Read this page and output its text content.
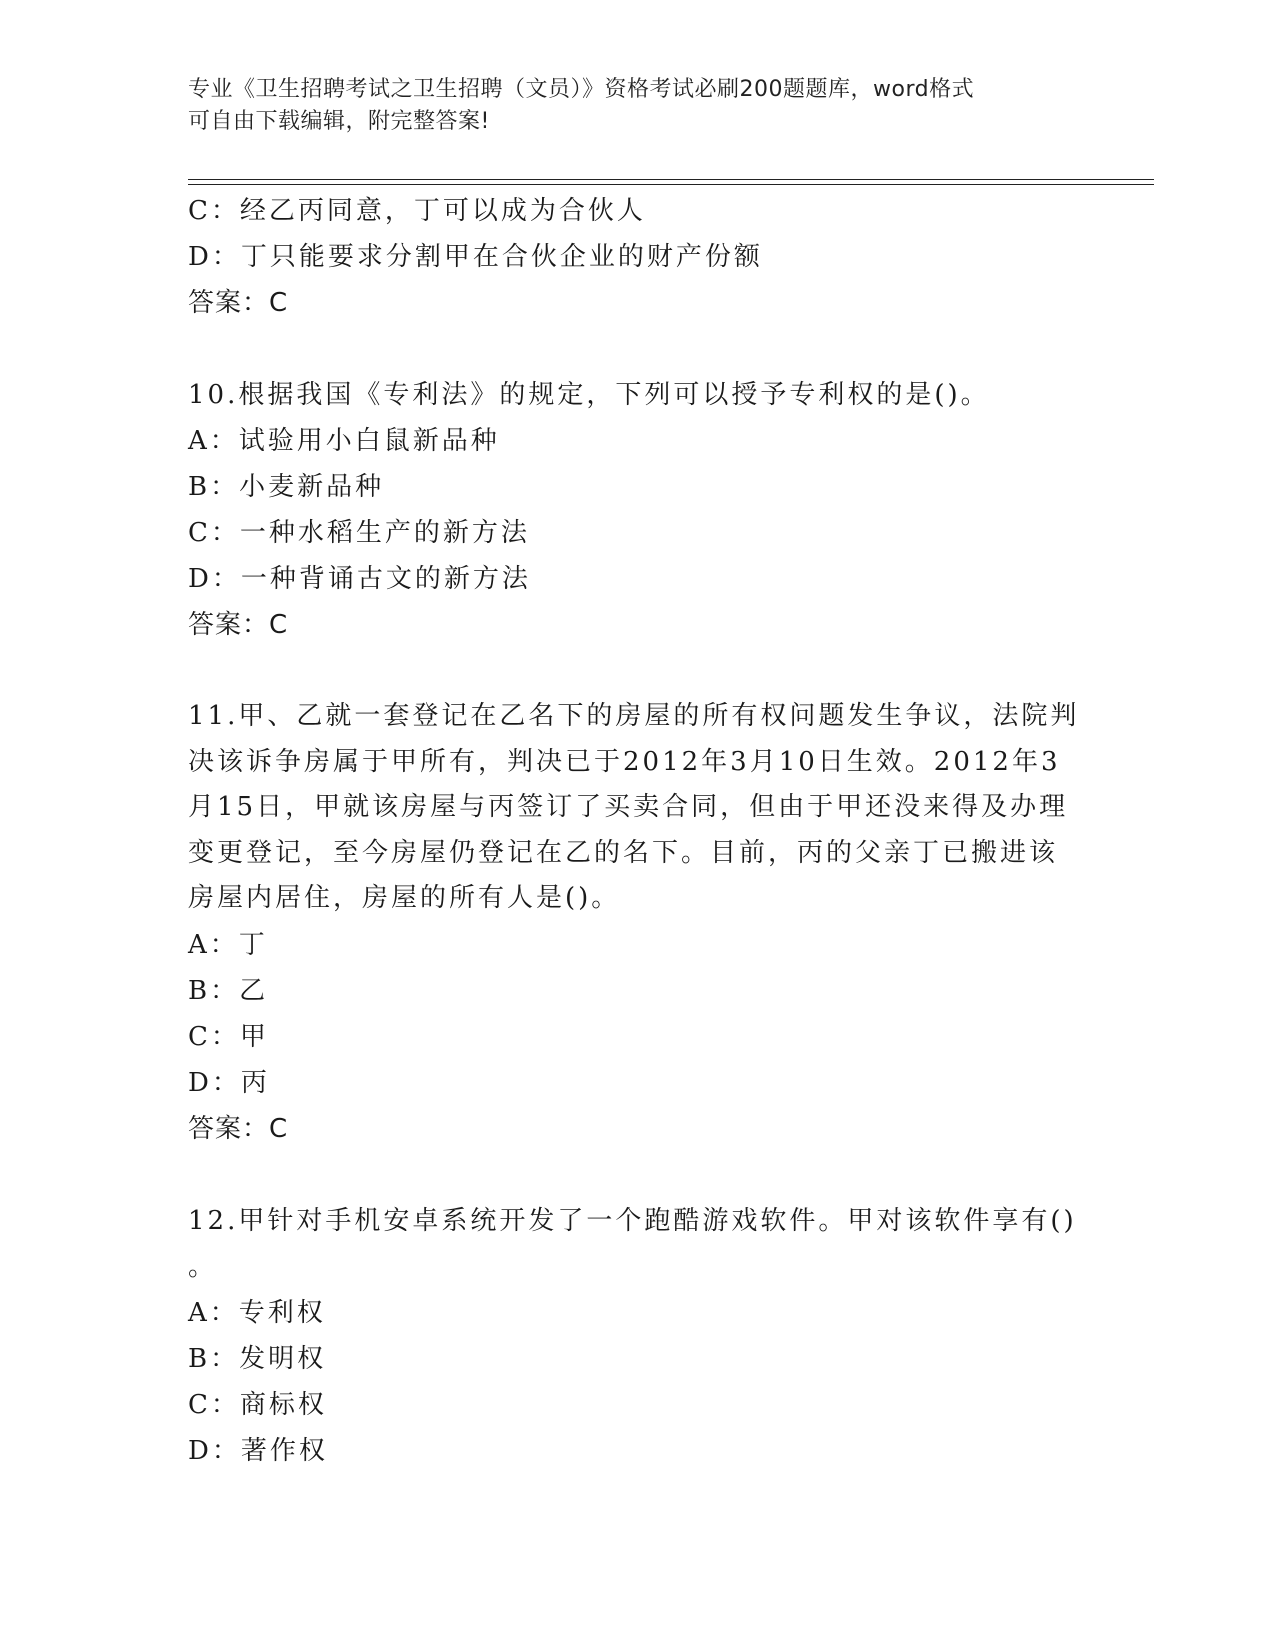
专业《卫生招聘考试之卫生招聘（文员）》资格考试必刷200题题库，word格式
可自由下载编辑，附完整答案!
C：经乙丙同意，丁可以成为合伙人
D：丁只能要求分割甲在合伙企业的财产份额
答案：C
10.根据我国《专利法》的规定，下列可以授予专利权的是()。
A：试验用小白鼠新品种
B：小麦新品种
C：一种水稻生产的新方法
D：一种背诵古文的新方法
答案：C
11.甲、乙就一套登记在乙名下的房屋的所有权问题发生争议，法院判
决该诉争房属于甲所有，判决已于2012年3月10日生效。2012年3
月15日，甲就该房屋与丙签订了买卖合同，但由于甲还没来得及办理
变更登记，至今房屋仍登记在乙的名下。目前，丙的父亲丁已搬进该
房屋内居住，房屋的所有人是()。
A：丁
B：乙
C：甲
D：丙
答案：C
12.甲针对手机安卓系统开发了一个跑酷游戏软件。甲对该软件享有()
。
A：专利权
B：发明权
C：商标权
D：著作权
